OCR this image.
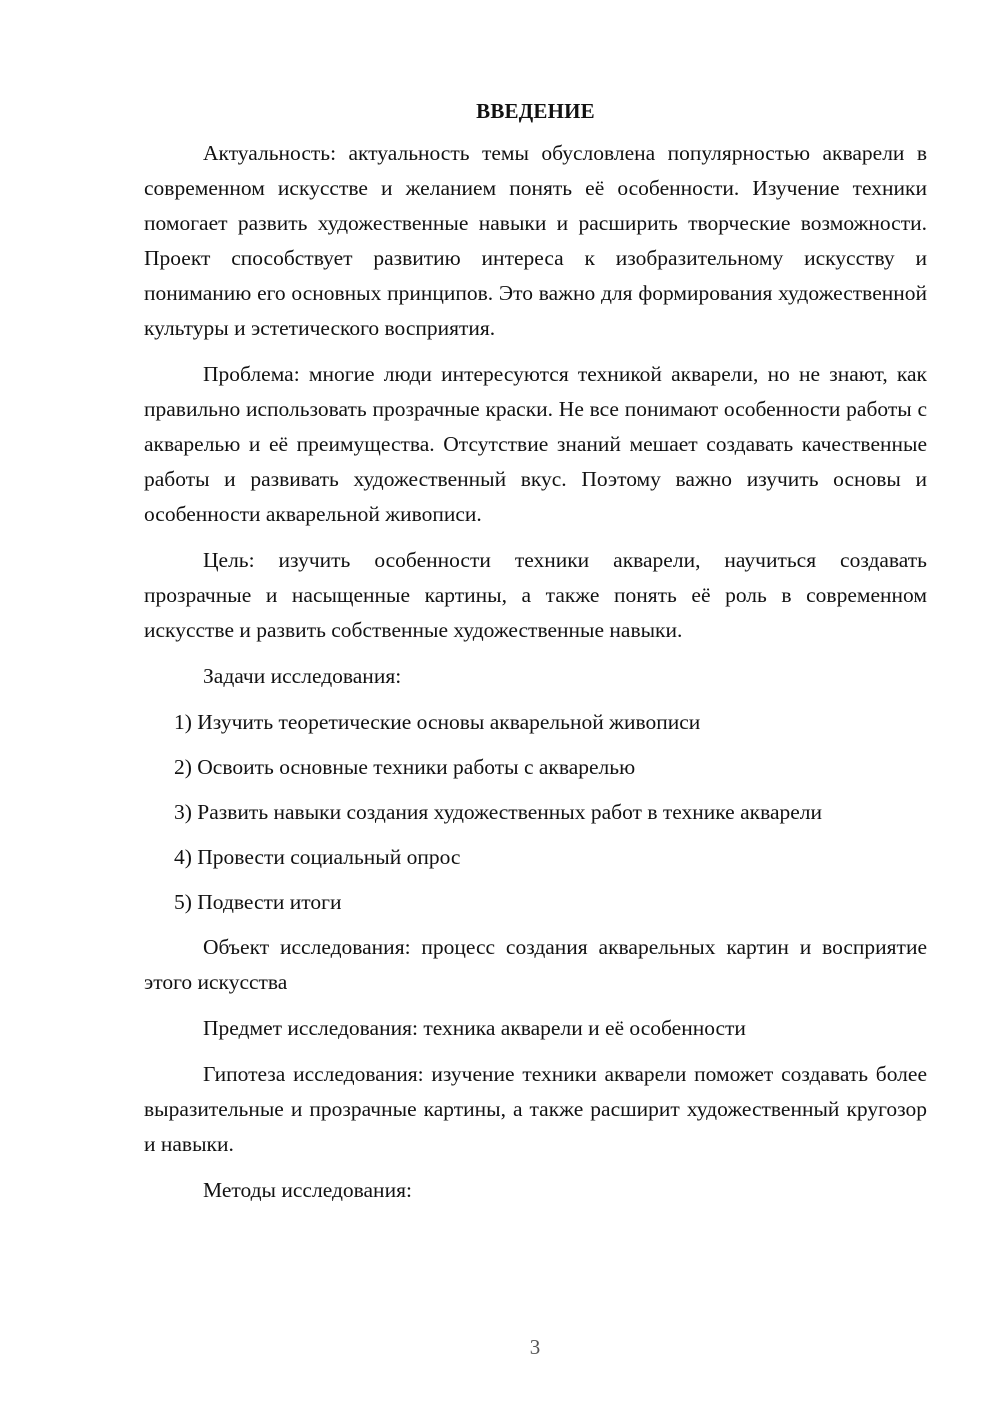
ВВЕДЕНИЕ

Актуальность: актуальность темы обусловлена популярностью акварели в современном искусстве и желанием понять её особенности. Изучение техники помогает развить художественные навыки и расширить творческие возможности. Проект способствует развитию интереса к изобразительному искусству и пониманию его основных принципов. Это важно для формирования художественной культуры и эстетического восприятия.

Проблема: многие люди интересуются техникой акварели, но не знают, как правильно использовать прозрачные краски. Не все понимают особенности работы с акварелью и её преимущества. Отсутствие знаний мешает создавать качественные работы и развивать художественный вкус. Поэтому важно изучить основы и особенности акварельной живописи.

Цель: изучить особенности техники акварели, научиться создавать прозрачные и насыщенные картины, а также понять её роль в современном искусстве и развить собственные художественные навыки.

Задачи исследования:

1) Изучить теоретические основы акварельной живописи
2) Освоить основные техники работы с акварелью
3) Развить навыки создания художественных работ в технике акварели
4) Провести социальный опрос
5) Подвести итоги

Объект исследования: процесс создания акварельных картин и восприятие этого искусства

Предмет исследования: техника акварели и её особенности

Гипотеза исследования: изучение техники акварели поможет создавать более выразительные и прозрачные картины, а также расширит художественный кругозор и навыки.

Методы исследования:

3
